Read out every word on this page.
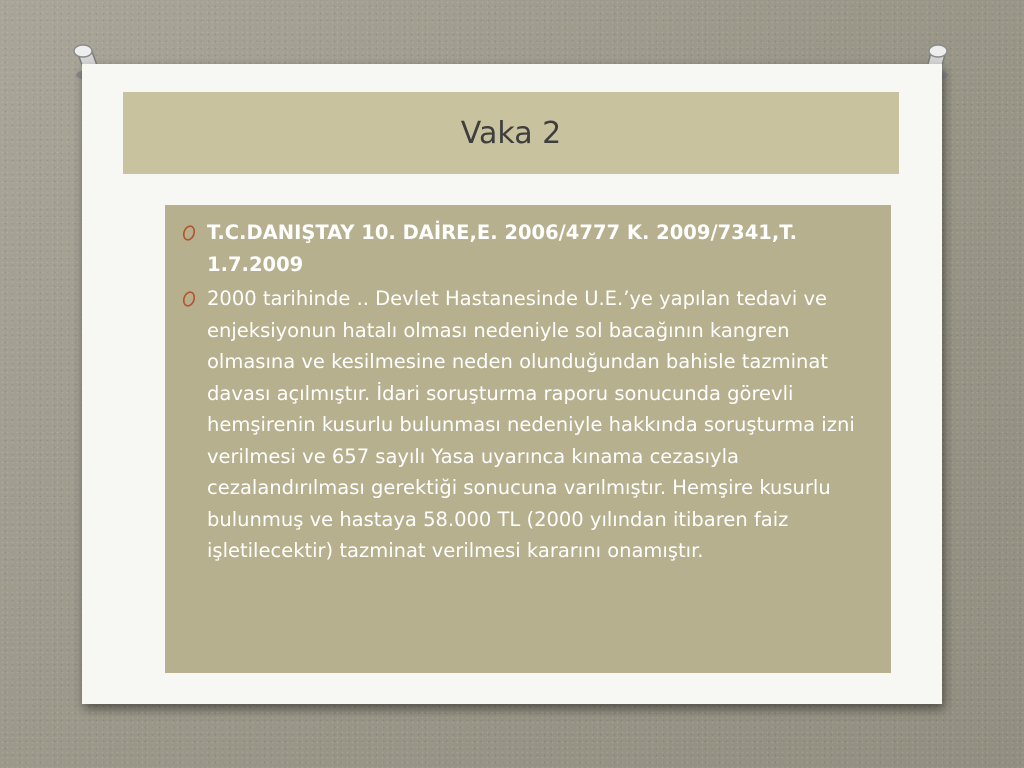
Vaka 2
T.C.DANIŞTAY 10. DAİRE,E. 2006/4777 K. 2009/7341,T. 1.7.2009
2000 tarihinde .. Devlet Hastanesinde U.E.’ye yapılan tedavi ve enjeksiyonun hatalı olması nedeniyle sol bacağının kangren olmasına ve kesilmesine neden olunduğundan bahisle tazminat davası açılmıştır. İdari soruşturma raporu sonucunda görevli hemşirenin kusurlu bulunması nedeniyle hakkında soruşturma izni verilmesi ve 657 sayılı Yasa uyarınca kınama cezasıyla cezalandırılması gerektiği sonucuna varılmıştır. Hemşire kusurlu bulunmuş ve hastaya 58.000 TL (2000 yılından itibaren faiz işletilecektir) tazminat verilmesi kararını onamıştır.
